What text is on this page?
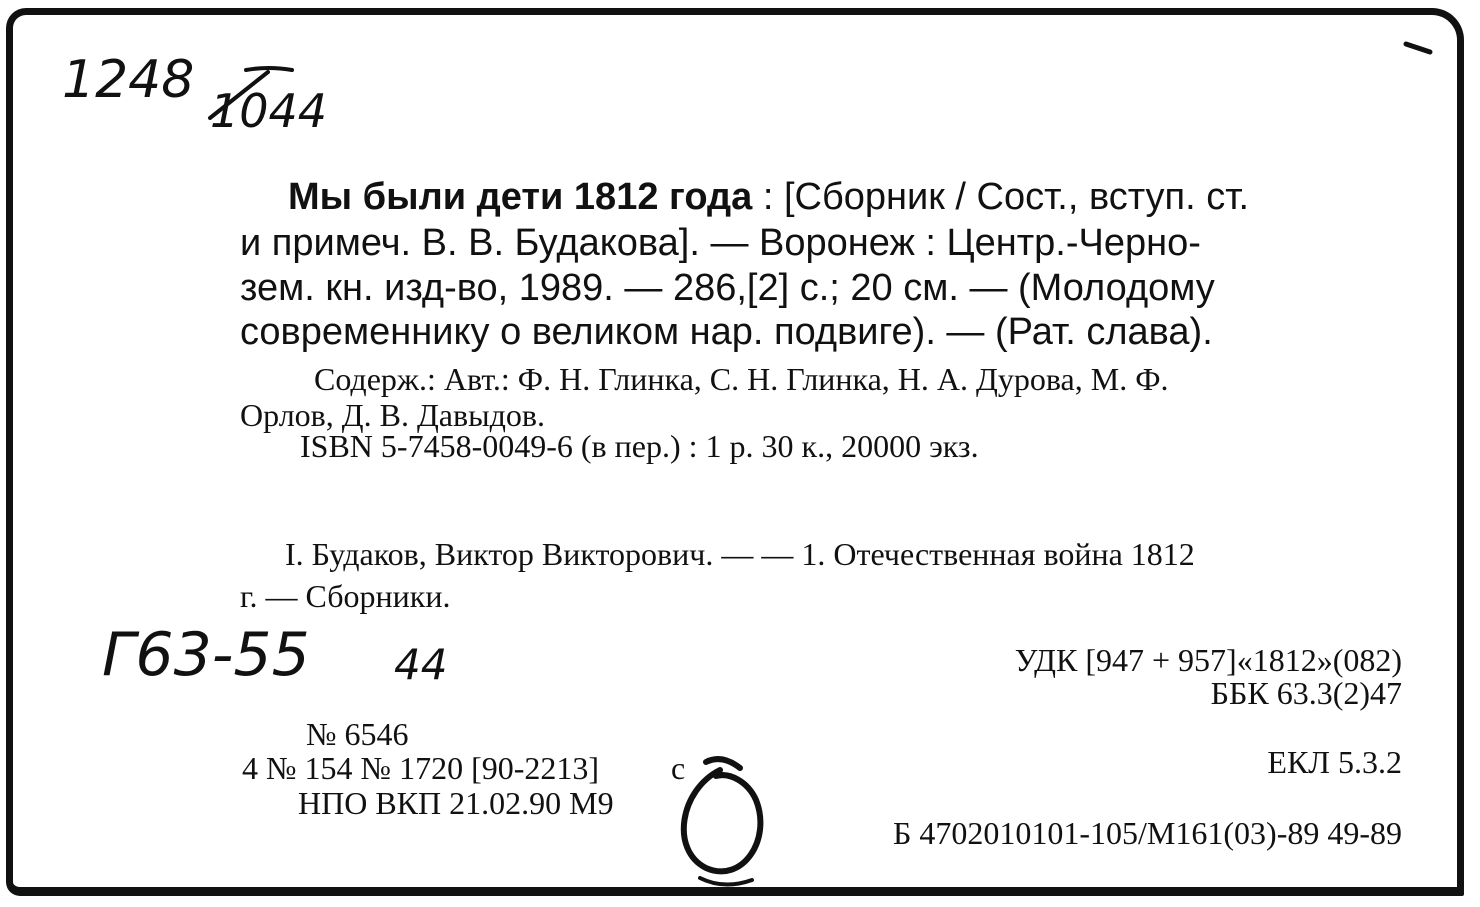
1248
1044
Мы были дети 1812 года : [Сборник / Сост., вступ. ст.
и примеч. В. В. Будакова]. — Воронеж : Центр.-Черно-
зем. кн. изд-во, 1989. — 286,[2] с.; 20 см. — (Молодому
современнику о великом нар. подвиге). — (Рат. слава).
Содерж.: Авт.: Ф. Н. Глинка, С. Н. Глинка, Н. А. Дурова, М. Ф.
Орлов, Д. В. Давыдов.
ISBN 5-7458-0049-6 (в пер.) : 1 р. 30 к., 20000 экз.
I. Будаков, Виктор Викторович. — — 1. Отечественная война 1812
г. — Сборники.
Г63-55 44	УДК [947 + 957]«1812»(082)
ББК 63.3(2)47
ЕКЛ 5.3.2
Б 4702010101-105/М161(03)-89 49-89
№ 6546
4 № 154 № 1720 [90-2213] с
НПО ВКП 21.02.90 М9
